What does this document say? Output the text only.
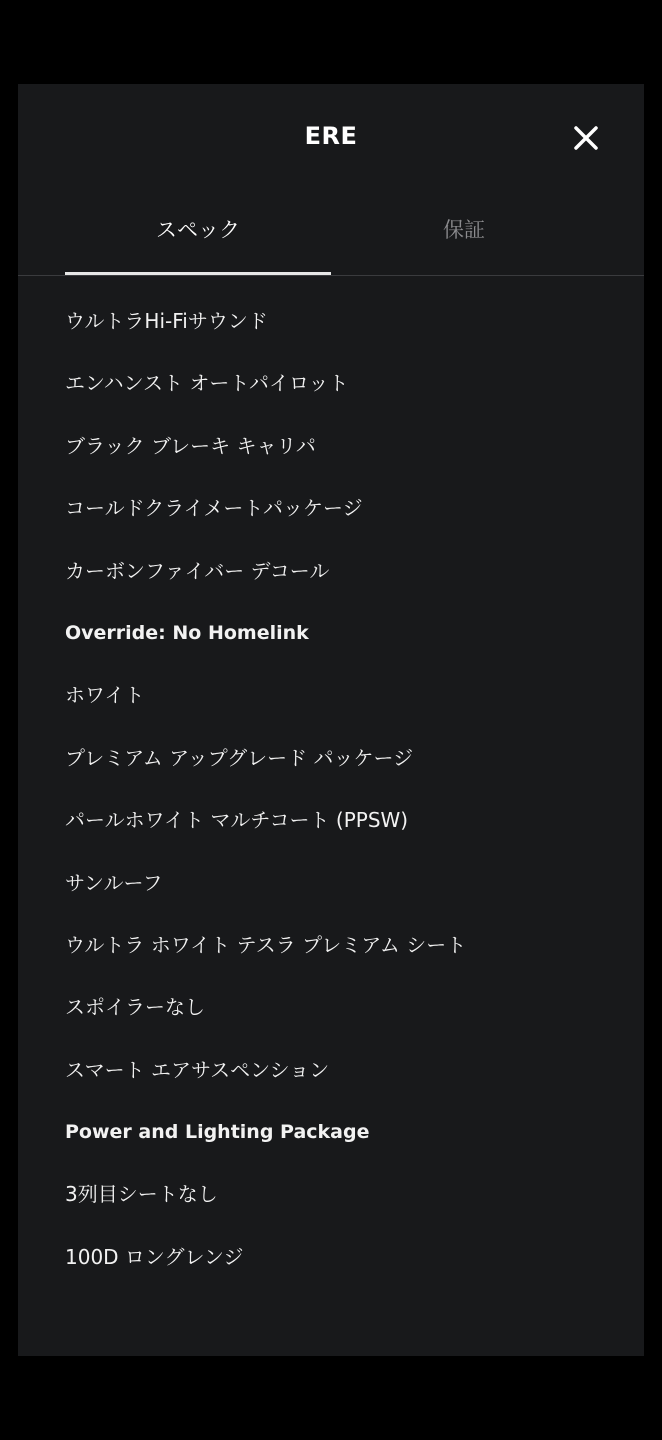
ERE
スペック	保証
ウルトラHi-Fiサウンド
エンハンスト オートパイロット
ブラック ブレーキ キャリパ
コールドクライメートパッケージ
カーボンファイバー デコール
Override: No Homelink
ホワイト
プレミアム アップグレード パッケージ
パールホワイト マルチコート (PPSW)
サンルーフ
ウルトラ ホワイト テスラ プレミアム シート
スポイラーなし
スマート エアサスペンション
Power and Lighting Package
3列目シートなし
100D ロングレンジ
